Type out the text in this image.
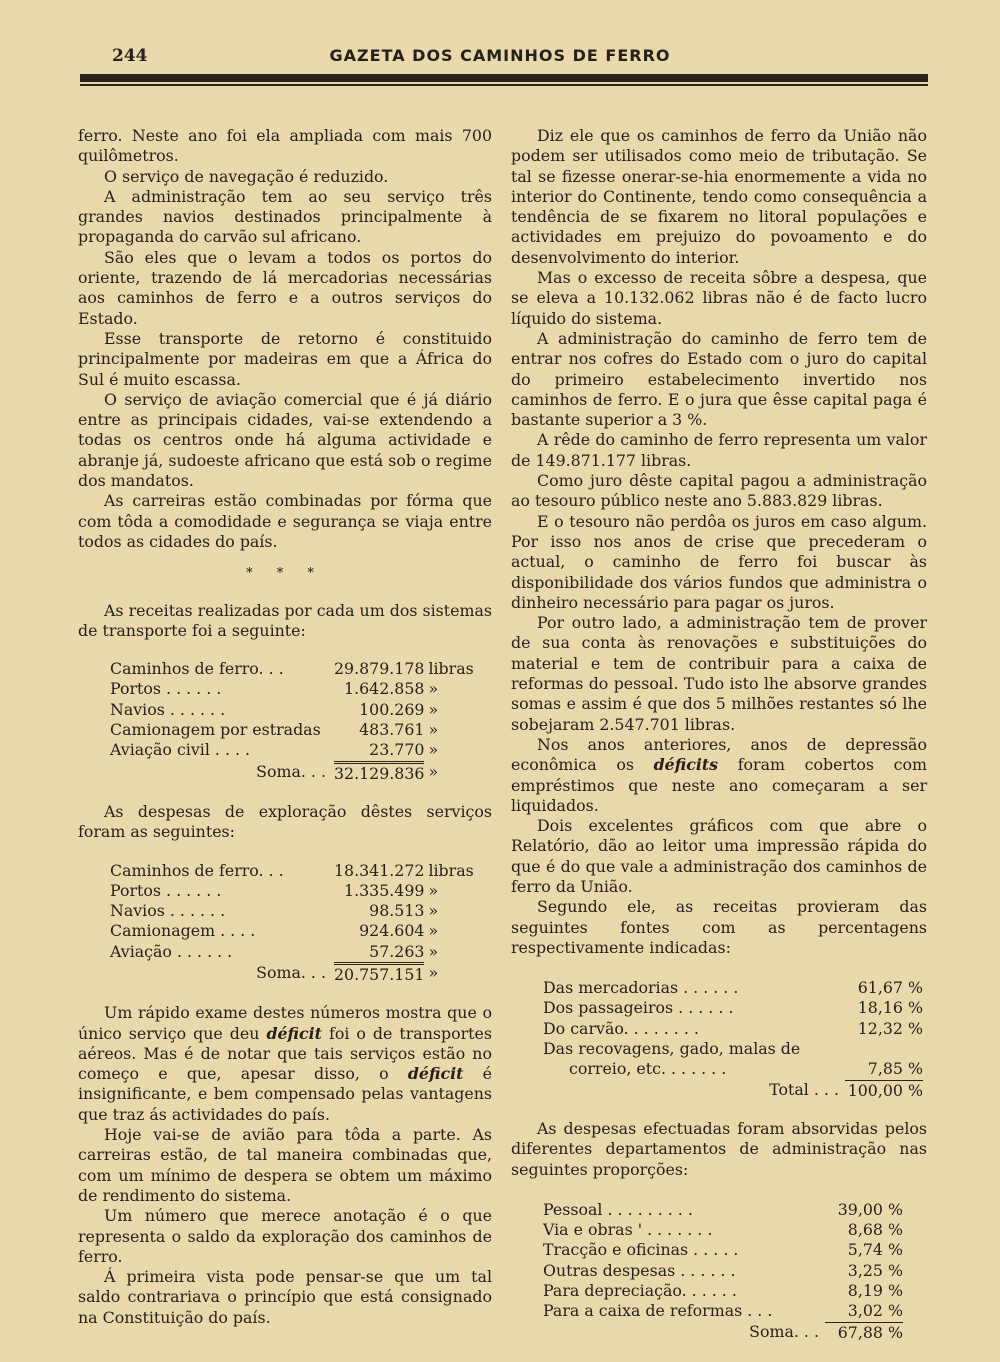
244	GAZETA DOS CAMINHOS DE FERRO

ferro. Neste ano foi ela ampliada com mais 700 quilômetros.

O serviço de navegação é reduzido.

A administração tem ao seu serviço três grandes navios destinados principalmente à propaganda do carvão sul africano.

São eles que o levam a todos os portos do oriente, trazendo de lá mercadorias necessárias aos caminhos de ferro e a outros serviços do Estado.

Esse transporte de retorno é constituido principalmente por madeiras em que a África do Sul é muito escassa.

O serviço de aviação comercial que é já diário entre as principais cidades, vai-se extendendo a todas os centros onde há alguma actividade e abranje já, sudoeste africano que está sob o regime dos mandatos.

As carreiras estão combinadas por fórma que com tôda a comodidade e segurança se viaja entre todos as cidades do país.

* * *

As receitas realizadas por cada um dos sistemas de transporte foi a seguinte:

Caminhos de ferro. . .	29.879.178	libras
Portos . . . . . .	1.642.858	»
Navios . . . . . .	100.269	»
Camionagem por estradas	483.761	»
Aviação civil . . . .	23.770	»
Soma. . .	32.129.836	»

As despesas de exploração dêstes serviços foram as seguintes:

Caminhos de ferro. . .	18.341.272	libras
Portos . . . . . .	1.335.499	»
Navios . . . . . .	98.513	»
Camionagem . . . .	924.604	»
Aviação . . . . . .	57.263	»
Soma. . .	20.757.151	»

Um rápido exame destes números mostra que o único serviço que deu déficit foi o de transportes aéreos. Mas é de notar que tais serviços estão no começo e que, apesar disso, o déficit é insignificante, e bem compensado pelas vantagens que traz ás actividades do país.

Hoje vai-se de avião para tôda a parte. As carreiras estão, de tal maneira combinadas que, com um mínimo de despera se obtem um máximo de rendimento do sistema.

Um número que merece anotação é o que representa o saldo da exploração dos caminhos de ferro.

Á primeira vista pode pensar-se que um tal saldo contrariava o princípio que está consignado na Constituição do país.

Diz ele que os caminhos de ferro da União não podem ser utilisados como meio de tributação. Se tal se fizesse onerar-se-hia enormemente a vida no interior do Continente, tendo como consequência a tendência de se fixarem no litoral populações e actividades em prejuizo do povoamento e do desenvolvimento do interior.

Mas o excesso de receita sôbre a despesa, que se eleva a 10.132.062 libras não é de facto lucro líquido do sistema.

A administração do caminho de ferro tem de entrar nos cofres do Estado com o juro do capital do primeiro estabelecimento invertido nos caminhos de ferro. E o jura que êsse capital paga é bastante superior a 3 %.

A rêde do caminho de ferro representa um valor de 149.871.177 libras.

Como juro dêste capital pagou a administração ao tesouro público neste ano 5.883.829 libras.

E o tesouro não perdôa os juros em caso algum. Por isso nos anos de crise que precederam o actual, o caminho de ferro foi buscar às disponibilidade dos vários fundos que administra o dinheiro necessário para pagar os juros.

Por outro lado, a administração tem de prover de sua conta às renovações e substituições do material e tem de contribuir para a caixa de reformas do pessoal. Tudo isto lhe absorve grandes somas e assim é que dos 5 milhões restantes só lhe sobejaram 2.547.701 libras.

Nos anos anteriores, anos de depressão econômica os déficits foram cobertos com empréstimos que neste ano começaram a ser liquidados.

Dois excelentes gráficos com que abre o Relatório, dão ao leitor uma impressão rápida do que é do que vale a administração dos caminhos de ferro da União.

Segundo ele, as receitas provieram das seguintes fontes com as percentagens respectivamente indicadas:

Das mercadorias . . . . . .	61,67 %
Dos passageiros . . . . . .	18,16 %
Do carvão. . . . . . . .	12,32 %
Das recovagens, gado, malas de	
correio, etc. . . . . . .	7,85 %
Total . . .	100,00 %

As despesas efectuadas foram absorvidas pelos diferentes departamentos de administração nas seguintes proporções:

Pessoal . . . . . . . . .	39,00 %
Via e obras ' . . . . . . .	8,68 %
Tracção e oficinas . . . . .	5,74 %
Outras despesas . . . . . .	3,25 %
Para depreciação. . . . . .	8,19 %
Para a caixa de reformas . . .	3,02 %
Soma. . .	67,88 %
